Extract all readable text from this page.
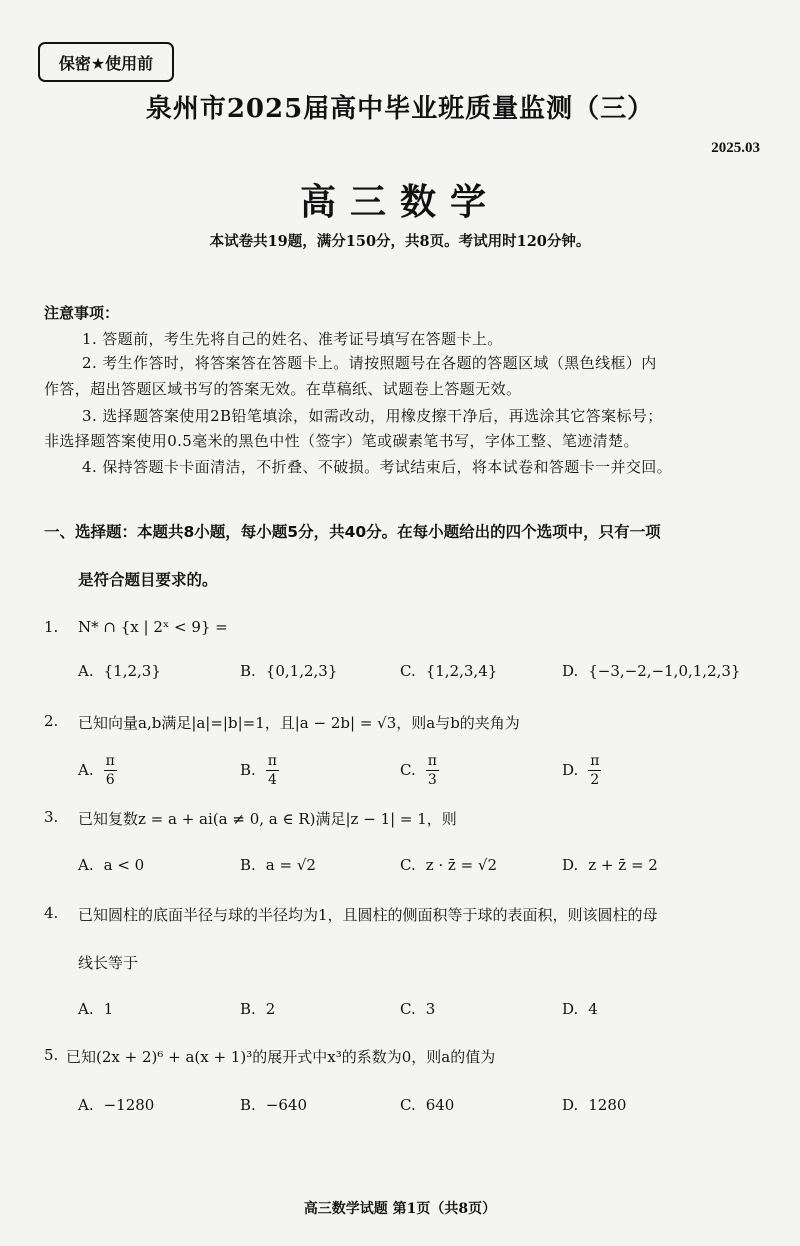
保密★使用前
泉州市2025届高中毕业班质量监测（三）
2025.03
高三数学
本试卷共19题，满分150分，共8页。考试用时120分钟。
注意事项：
1. 答题前，考生先将自己的姓名、准考证号填写在答题卡上。
2. 考生作答时，将答案答在答题卡上。请按照题号在各题的答题区域（黑色线框）内
作答，超出答题区域书写的答案无效。在草稿纸、试题卷上答题无效。
3. 选择题答案使用2B铅笔填涂，如需改动，用橡皮擦干净后，再选涂其它答案标号；
非选择题答案使用0.5毫米的黑色中性（签字）笔或碳素笔书写，字体工整、笔迹清楚。
4. 保持答题卡卡面清洁，不折叠、不破损。考试结束后，将本试卷和答题卡一并交回。
一、选择题：本题共8小题，每小题5分，共40分。在每小题给出的四个选项中，只有一项
是符合题目要求的。
1. N* ∩ {x | 2ˣ < 9} =
A. {1,2,3}	B. {0,1,2,3}	C. {1,2,3,4}	D. {−3,−2,−1,0,1,2,3}
2. 已知向量a,b满足|a|=|b|=1，且|a − 2b| = √3，则a与b的夹角为
A. $\frac{\pi}{6}$	B. $\frac{\pi}{4}$	C. $\frac{\pi}{3}$	D. $\frac{\pi}{2}$
3. 已知复数z = a + ai(a ≠ 0, a ∈ R)满足|z − 1| = 1，则
A. a < 0	B. a = √2	C. z · z̄ = √2	D. z + z̄ = 2
4. 已知圆柱的底面半径与球的半径均为1，且圆柱的侧面积等于球的表面积，则该圆柱的母
线长等于
A. 1	B. 2	C. 3	D. 4
5. 已知(2x + 2)⁶ + a(x + 1)³的展开式中x³的系数为0，则a的值为
A. −1280	B. −640	C. 640	D. 1280
高三数学试题 第1页（共8页）
